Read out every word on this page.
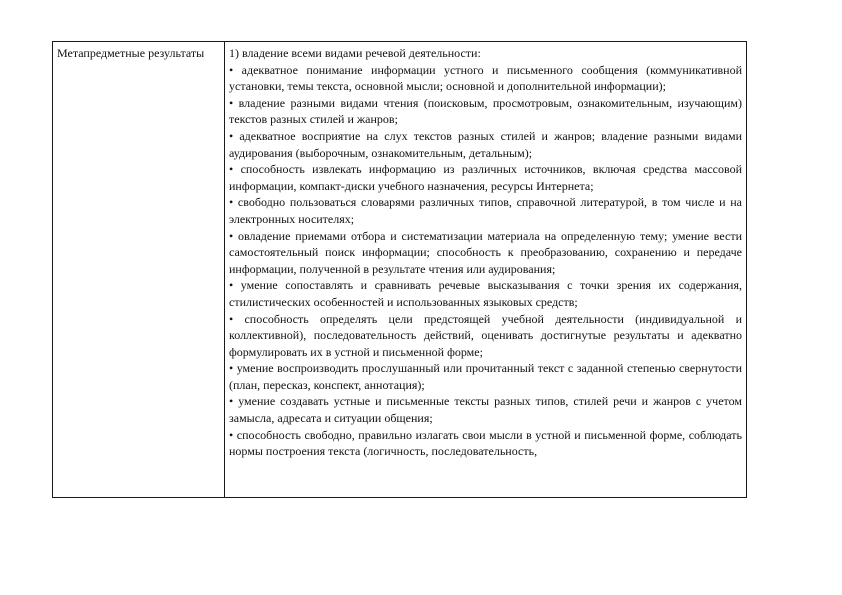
Метапредметные результаты	1) владение всеми видами речевой деятельности:

• адекватное понимание информации устного и письменного сообщения (коммуникативной установки, темы текста, основной мысли; основной и дополнительной информации);
• владение разными видами чтения (поисковым, просмотровым, ознакомительным, изучающим) текстов разных стилей и жанров;
• адекватное восприятие на слух текстов разных стилей и жанров; владение разными видами аудирования (выборочным, ознакомительным, детальным);
• способность извлекать информацию из различных источников, включая средства массовой информации, компакт-диски учебного назначения, ресурсы Интернета;
• свободно пользоваться словарями различных типов, справочной литературой, в том числе и на электронных носителях;
• овладение приемами отбора и систематизации материала на определенную тему; умение вести самостоятельный поиск информации; способность к преобразованию, сохранению и передаче информации, полученной в результате чтения или аудирования;
• умение сопоставлять и сравнивать речевые высказывания с точки зрения их содержания, стилистических особенностей и использованных языковых средств;
• способность определять цели предстоящей учебной деятельности (индивидуальной и коллективной), последовательность действий, оценивать достигнутые результаты и адекватно формулировать их в устной и письменной форме;
• умение воспроизводить прослушанный или прочитанный текст с заданной степенью свернутости (план, пересказ, конспект, аннотация);
• умение создавать устные и письменные тексты разных типов, стилей речи и жанров с учетом замысла, адресата и ситуации общения;
• способность свободно, правильно излагать свои мысли в устной и письменной форме, соблюдать нормы построения текста (логичность, последовательность,
